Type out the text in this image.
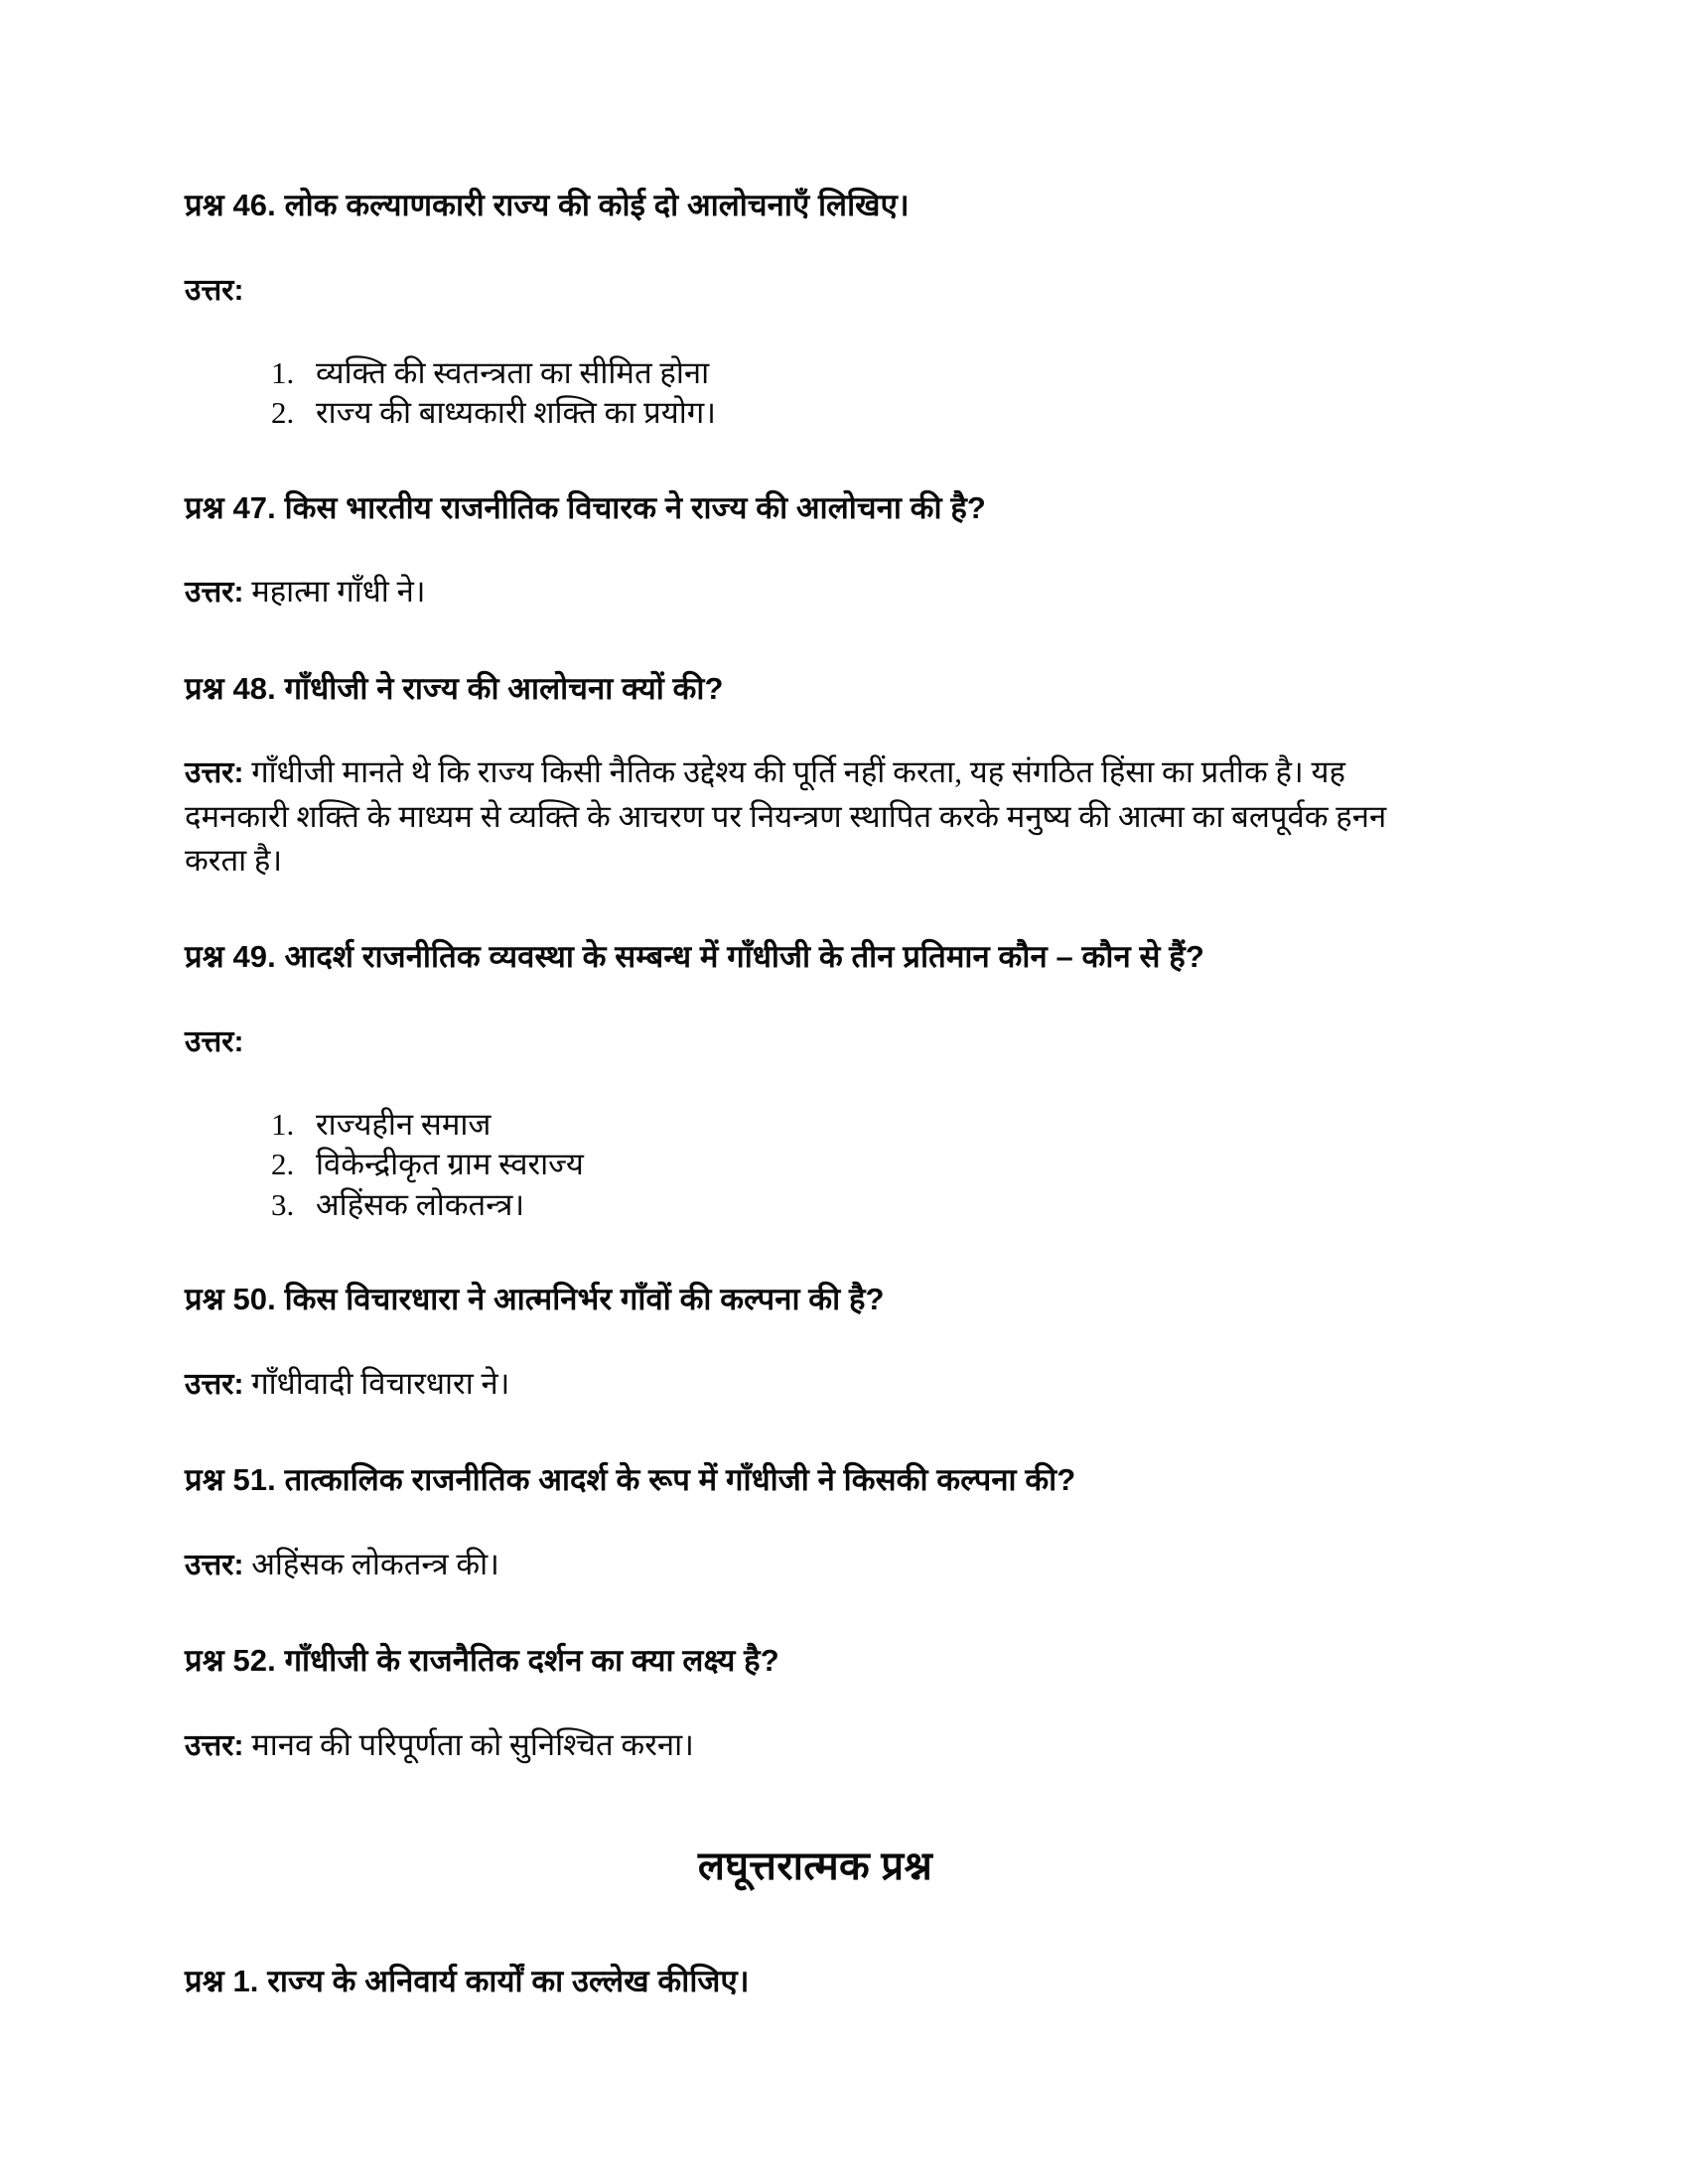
प्रश्न 46. लोक कल्याणकारी राज्य की कोई दो आलोचनाएँ लिखिए।

उत्तर:

1. व्यक्ति की स्वतन्त्रता का सीमित होना
2. राज्य की बाध्यकारी शक्ति का प्रयोग।
प्रश्न 47. किस भारतीय राजनीतिक विचारक ने राज्य की आलोचना की है?

उत्तर: महात्मा गाँधी ने।

प्रश्न 48. गाँधीजी ने राज्य की आलोचना क्यों की?

उत्तर: गाँधीजी मानते थे कि राज्य किसी नैतिक उद्देश्य की पूर्ति नहीं करता, यह संगठित हिंसा का प्रतीक है। यह दमनकारी शक्ति के माध्यम से व्यक्ति के आचरण पर नियन्त्रण स्थापित करके मनुष्य की आत्मा का बलपूर्वक हनन करता है।

प्रश्न 49. आदर्श राजनीतिक व्यवस्था के सम्बन्ध में गाँधीजी के तीन प्रतिमान कौन – कौन से हैं?

उत्तर:

1. राज्यहीन समाज
2. विकेन्द्रीकृत ग्राम स्वराज्य
3. अहिंसक लोकतन्त्र।
प्रश्न 50. किस विचारधारा ने आत्मनिर्भर गाँवों की कल्पना की है?

उत्तर: गाँधीवादी विचारधारा ने।

प्रश्न 51. तात्कालिक राजनीतिक आदर्श के रूप में गाँधीजी ने किसकी कल्पना की?

उत्तर: अहिंसक लोकतन्त्र की।

प्रश्न 52. गाँधीजी के राजनैतिक दर्शन का क्या लक्ष्य है?

उत्तर: मानव की परिपूर्णता को सुनिश्चित करना।

लघूत्तरात्मक प्रश्न
प्रश्न 1. राज्य के अनिवार्य कार्यों का उल्लेख कीजिए।
